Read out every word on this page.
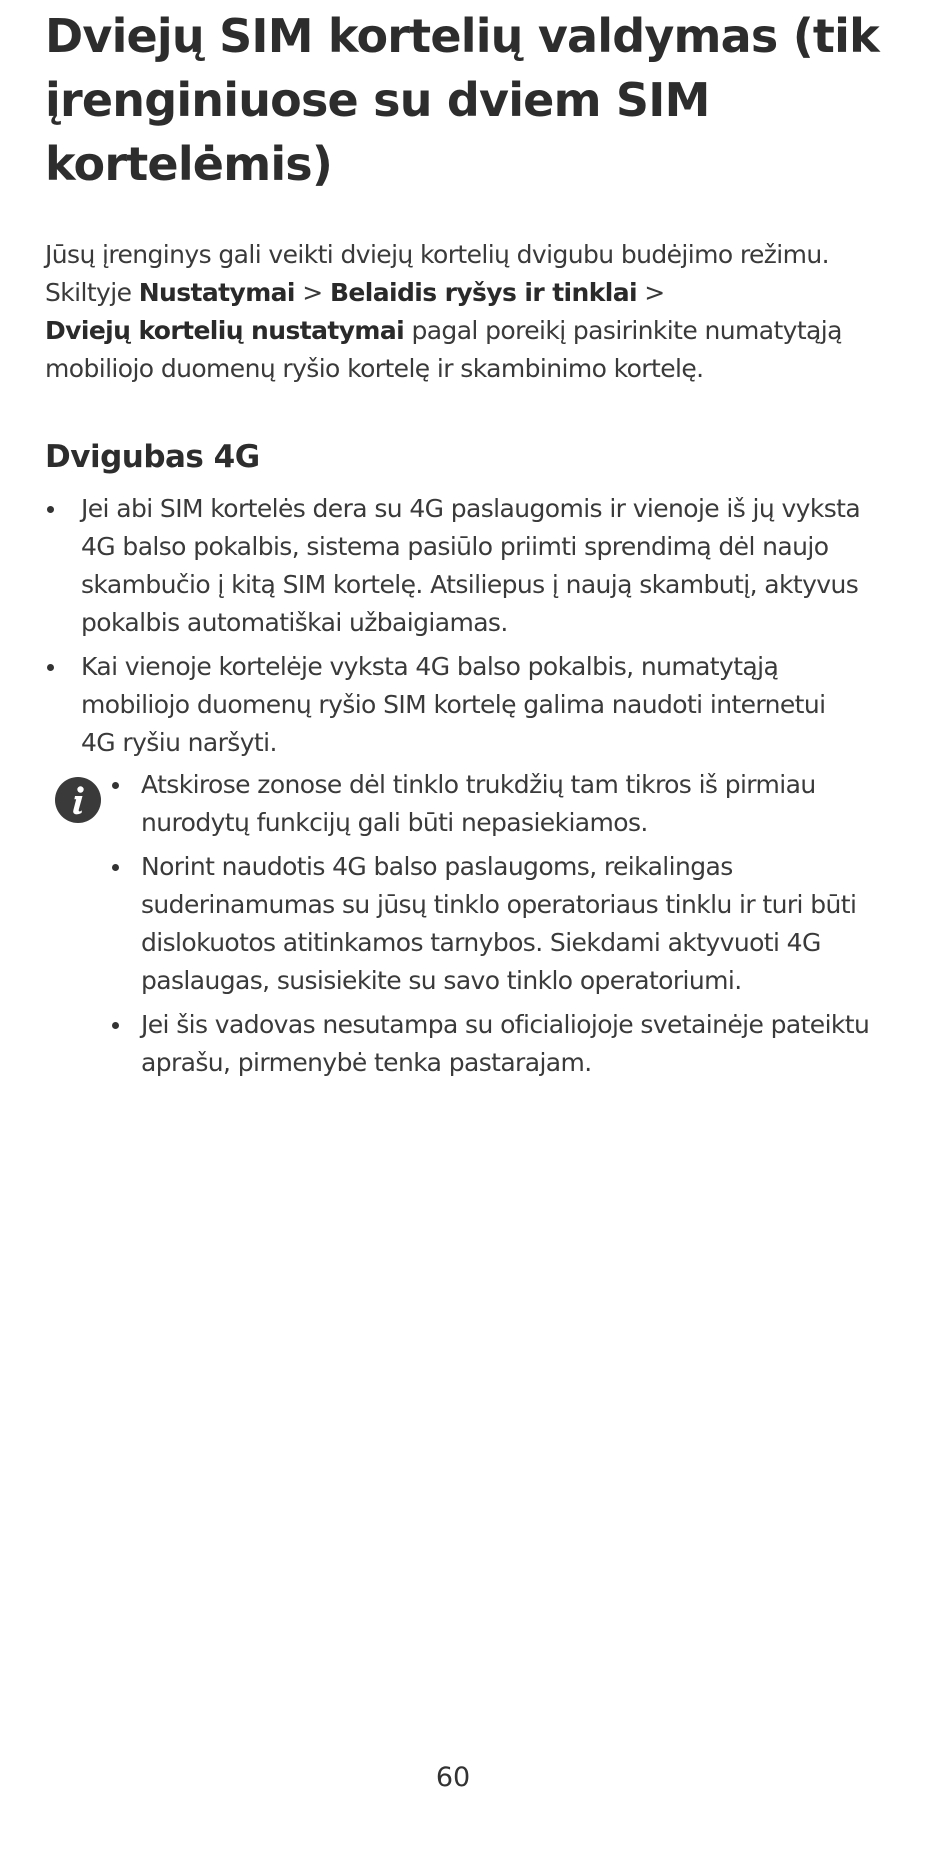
Dviejų SIM kortelių valdymas (tik įrenginiuose su dviem SIM kortelėmis)

Jūsų įrenginys gali veikti dviejų kortelių dvigubu budėjimo režimu. Skiltyje Nustatymai > Belaidis ryšys ir tinklai >
Dviejų kortelių nustatymai pagal poreikį pasirinkite numatytąją mobiliojo duomenų ryšio kortelę ir skambinimo kortelę.

Dvigubas 4G
Jei abi SIM kortelės dera su 4G paslaugomis ir vienoje iš jų vyksta 4G balso pokalbis, sistema pasiūlo priimti sprendimą dėl naujo skambučio į kitą SIM kortelę. Atsiliepus į naują skambutį, aktyvus pokalbis automatiškai užbaigiamas.
Kai vienoje kortelėje vyksta 4G balso pokalbis, numatytąją mobiliojo duomenų ryšio SIM kortelę galima naudoti internetui 4G ryšiu naršyti.
Atskirose zonose dėl tinklo trukdžių tam tikros iš pirmiau nurodytų funkcijų gali būti nepasiekiamos.
Norint naudotis 4G balso paslaugoms, reikalingas suderinamumas su jūsų tinklo operatoriaus tinklu ir turi būti dislokuotos atitinkamos tarnybos. Siekdami aktyvuoti 4G paslaugas, susisiekite su savo tinklo operatoriumi.
Jei šis vadovas nesutampa su oficialiojoje svetainėje pateiktu aprašu, pirmenybė tenka pastarajam.
60
